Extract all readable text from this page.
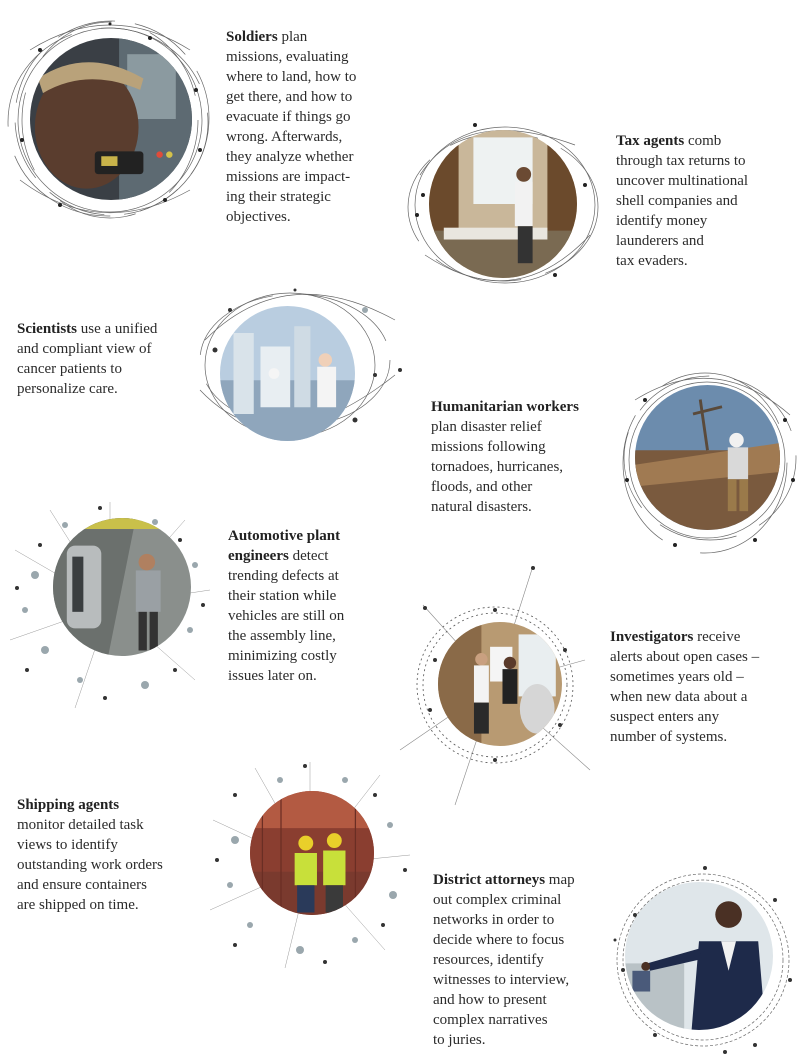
Soldiers plan
missions, evaluating
where to land, how to
get there, and how to
evacuate if things go
wrong. Afterwards,
they analyze whether
missions are impact-
ing their strategic
objectives.

Tax agents comb
through tax returns to
uncover multinational
shell companies and
identify money
launderers and
tax evaders.

Scientists use a unified
and compliant view of
cancer patients to
personalize care.

Humanitarian workers
plan disaster relief
missions following
tornadoes, hurricanes,
floods, and other
natural disasters.

Automotive plant
engineers detect
trending defects at
their station while
vehicles are still on
the assembly line,
minimizing costly
issues later on.

Investigators receive
alerts about open cases –
sometimes years old –
when new data about a
suspect enters any
number of systems.

Shipping agents
monitor detailed task
views to identify
outstanding work orders
and ensure containers
are shipped on time.

District attorneys map
out complex criminal
networks in order to
decide where to focus
resources, identify
witnesses to interview,
and how to present
complex narratives
to juries.
